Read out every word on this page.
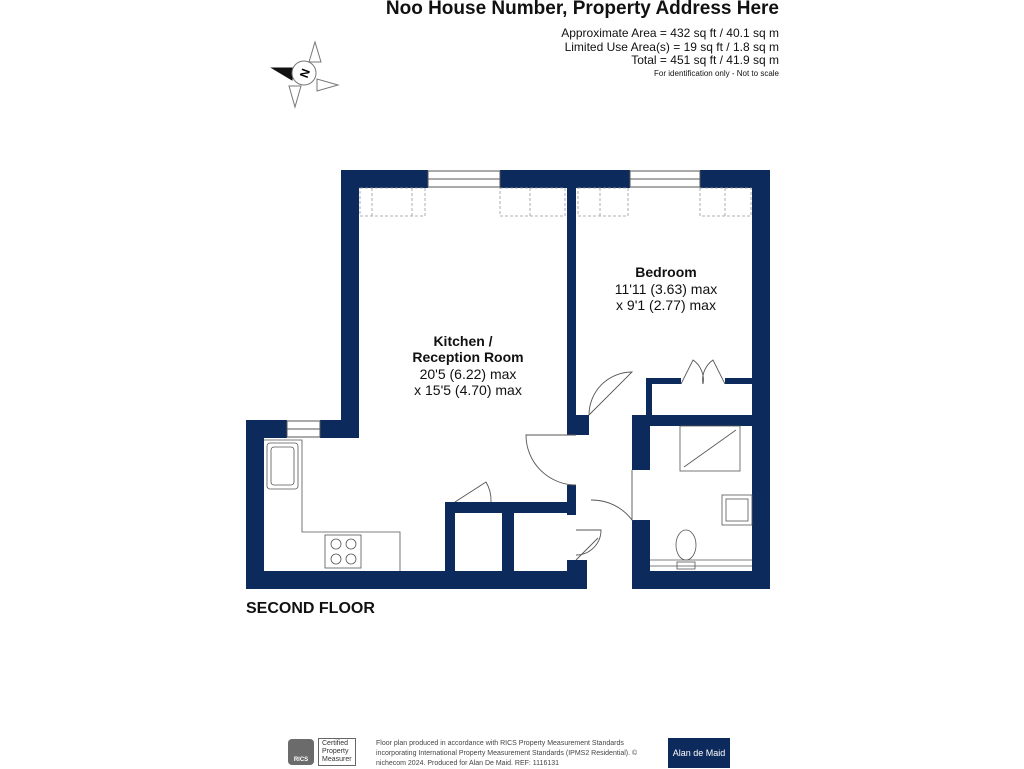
Noo House Number, Property Address Here
Approximate Area = 432 sq ft / 40.1 sq m
Limited Use Area(s) = 19 sq ft / 1.8 sq m
Total = 451 sq ft / 41.9 sq m
For identification only - Not to scale
N
Kitchen /
Reception Room
20'5 (6.22) max
x 15'5 (4.70) max
Bedroom
11'11 (3.63) max
x 9'1 (2.77) max
SECOND FLOOR
RICS
Certified
Property
Measurer
Floor plan produced in accordance with RICS Property Measurement Standards incorporating International Property Measurement Standards (IPMS2 Residential). © nichecom 2024. Produced for Alan De Maid. REF: 1116131
Alan de Maid
